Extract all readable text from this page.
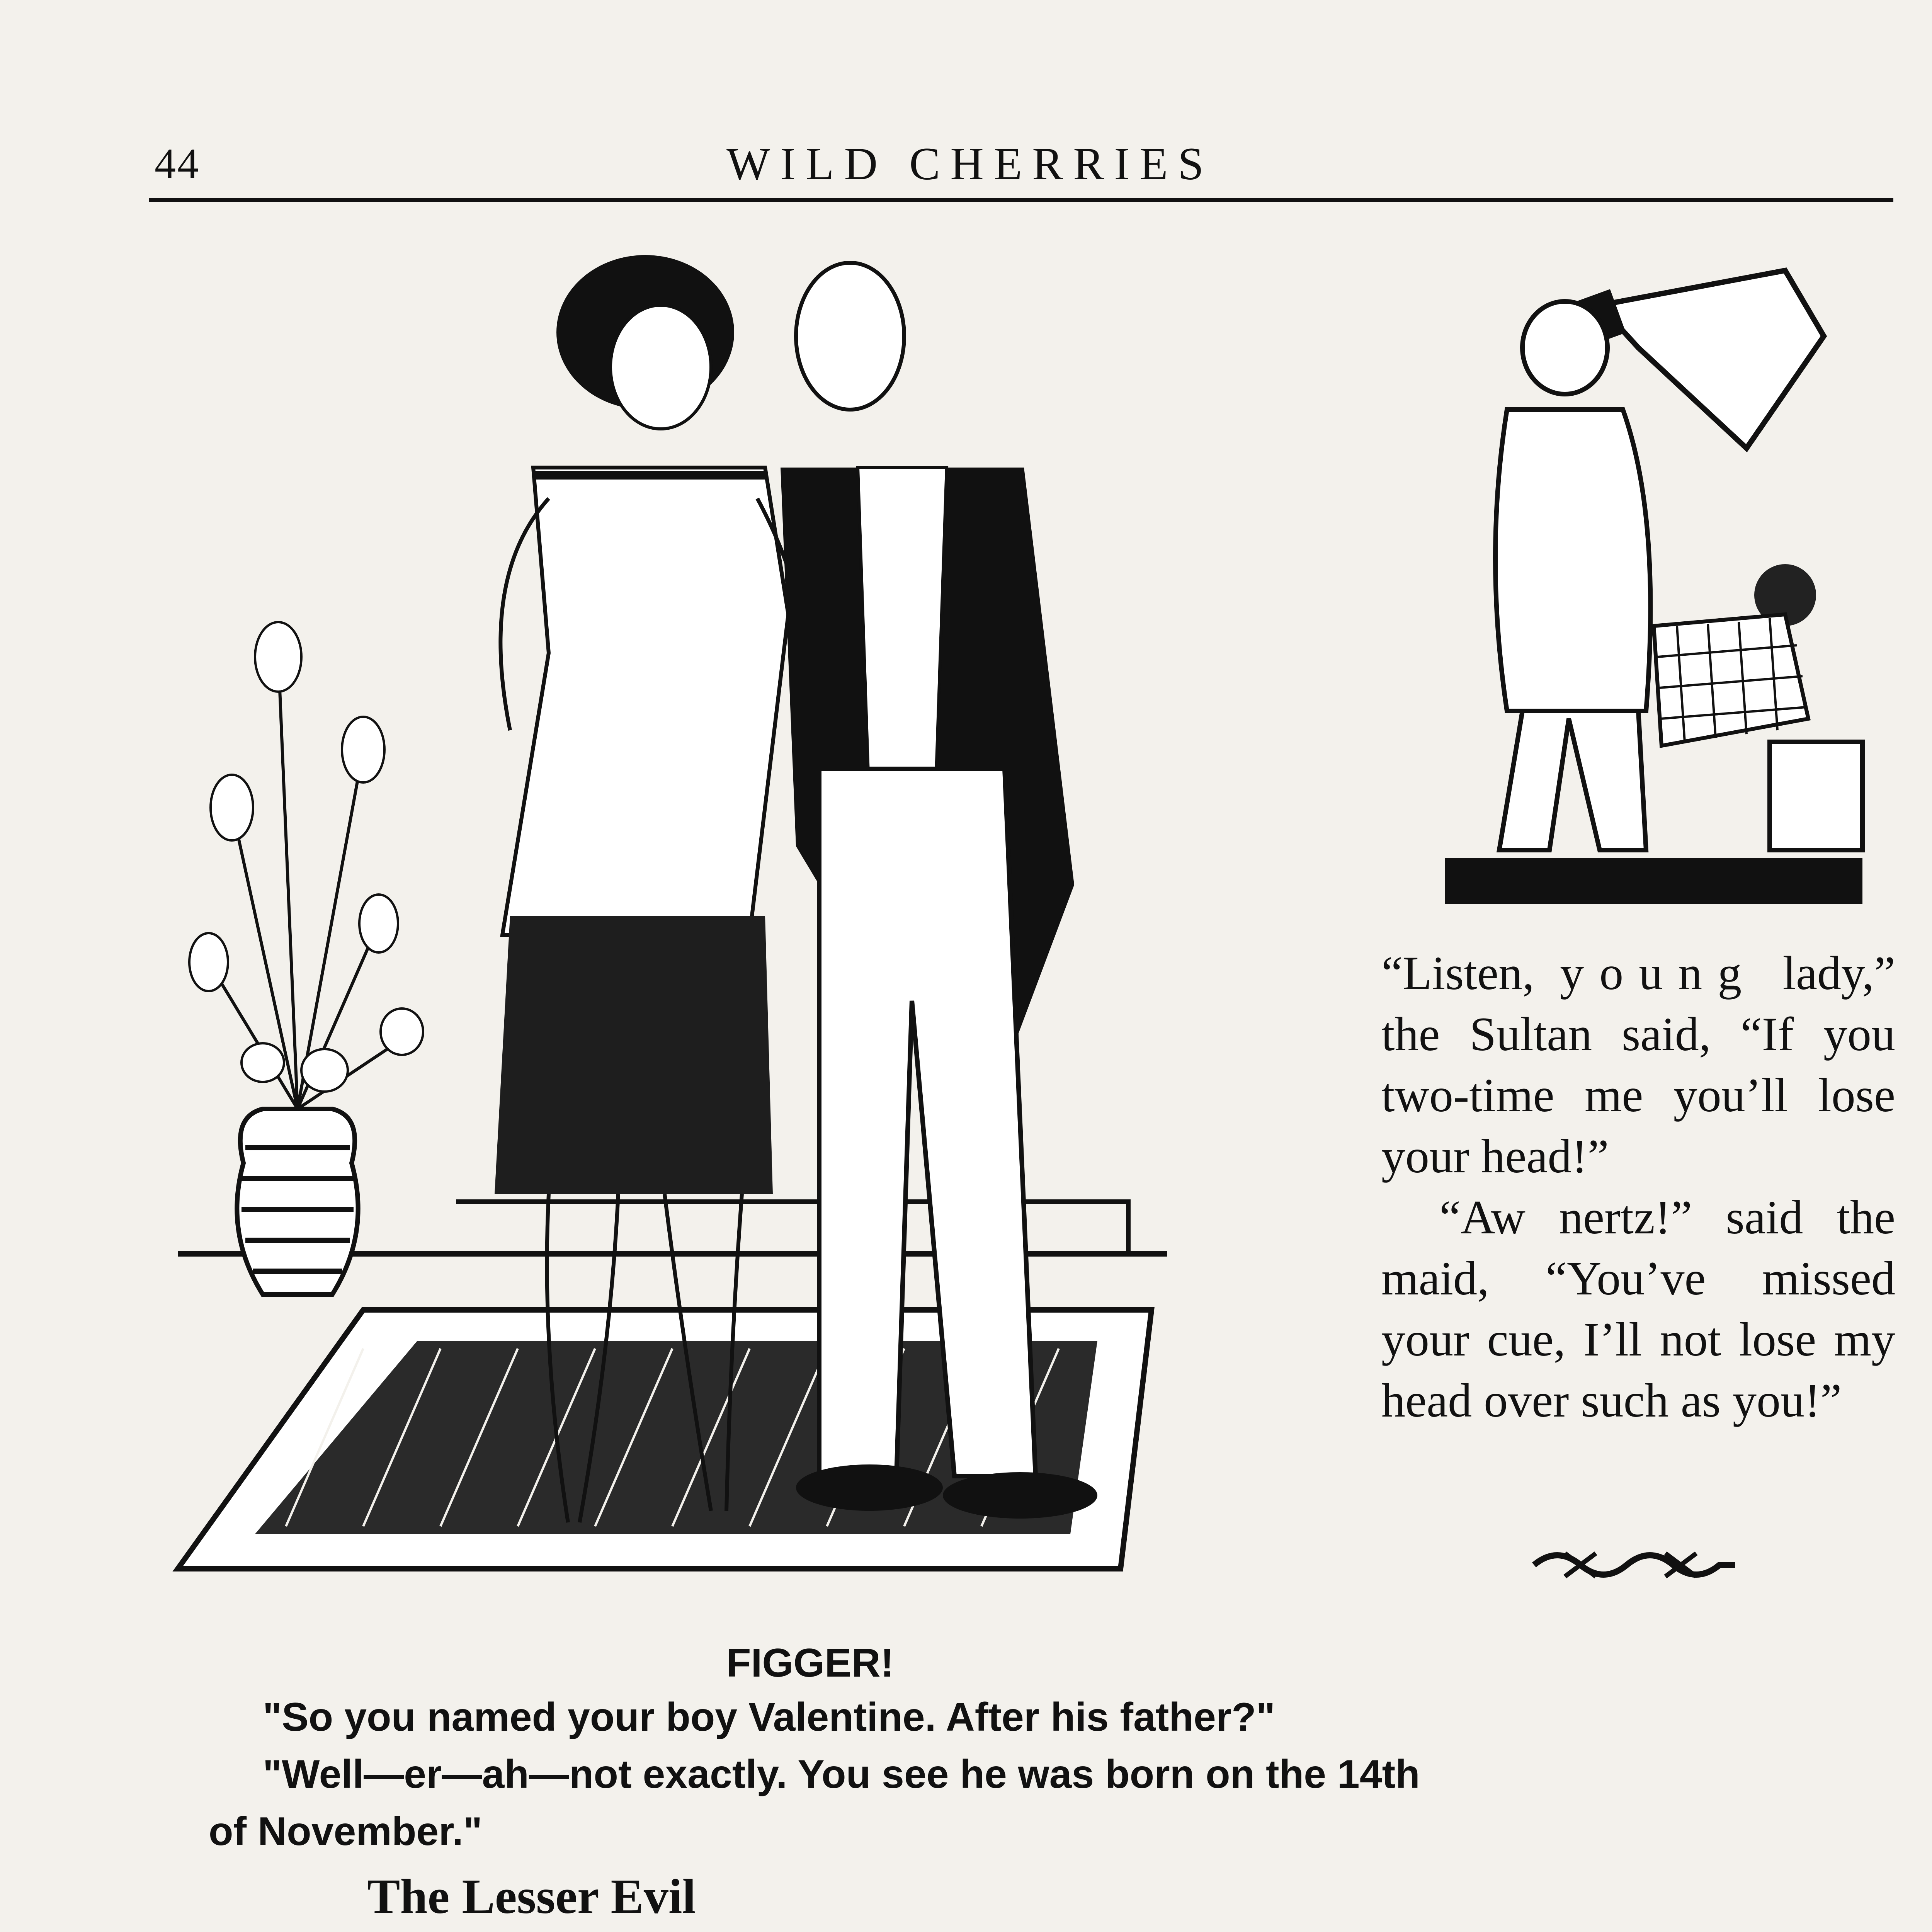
44	WILD CHERRIES

“Listen, young lady,” the Sultan said, “If you two-time me you’ll lose your head!”

“Aw nertz!” said the maid, “You’ve missed your cue, I’ll not lose my head over such as you!”

FIGGER!

"So you named your boy Valentine. After his father?"

"Well—er—ah—not exactly. You see he was born on the 14th of November."

The Lesser Evil
